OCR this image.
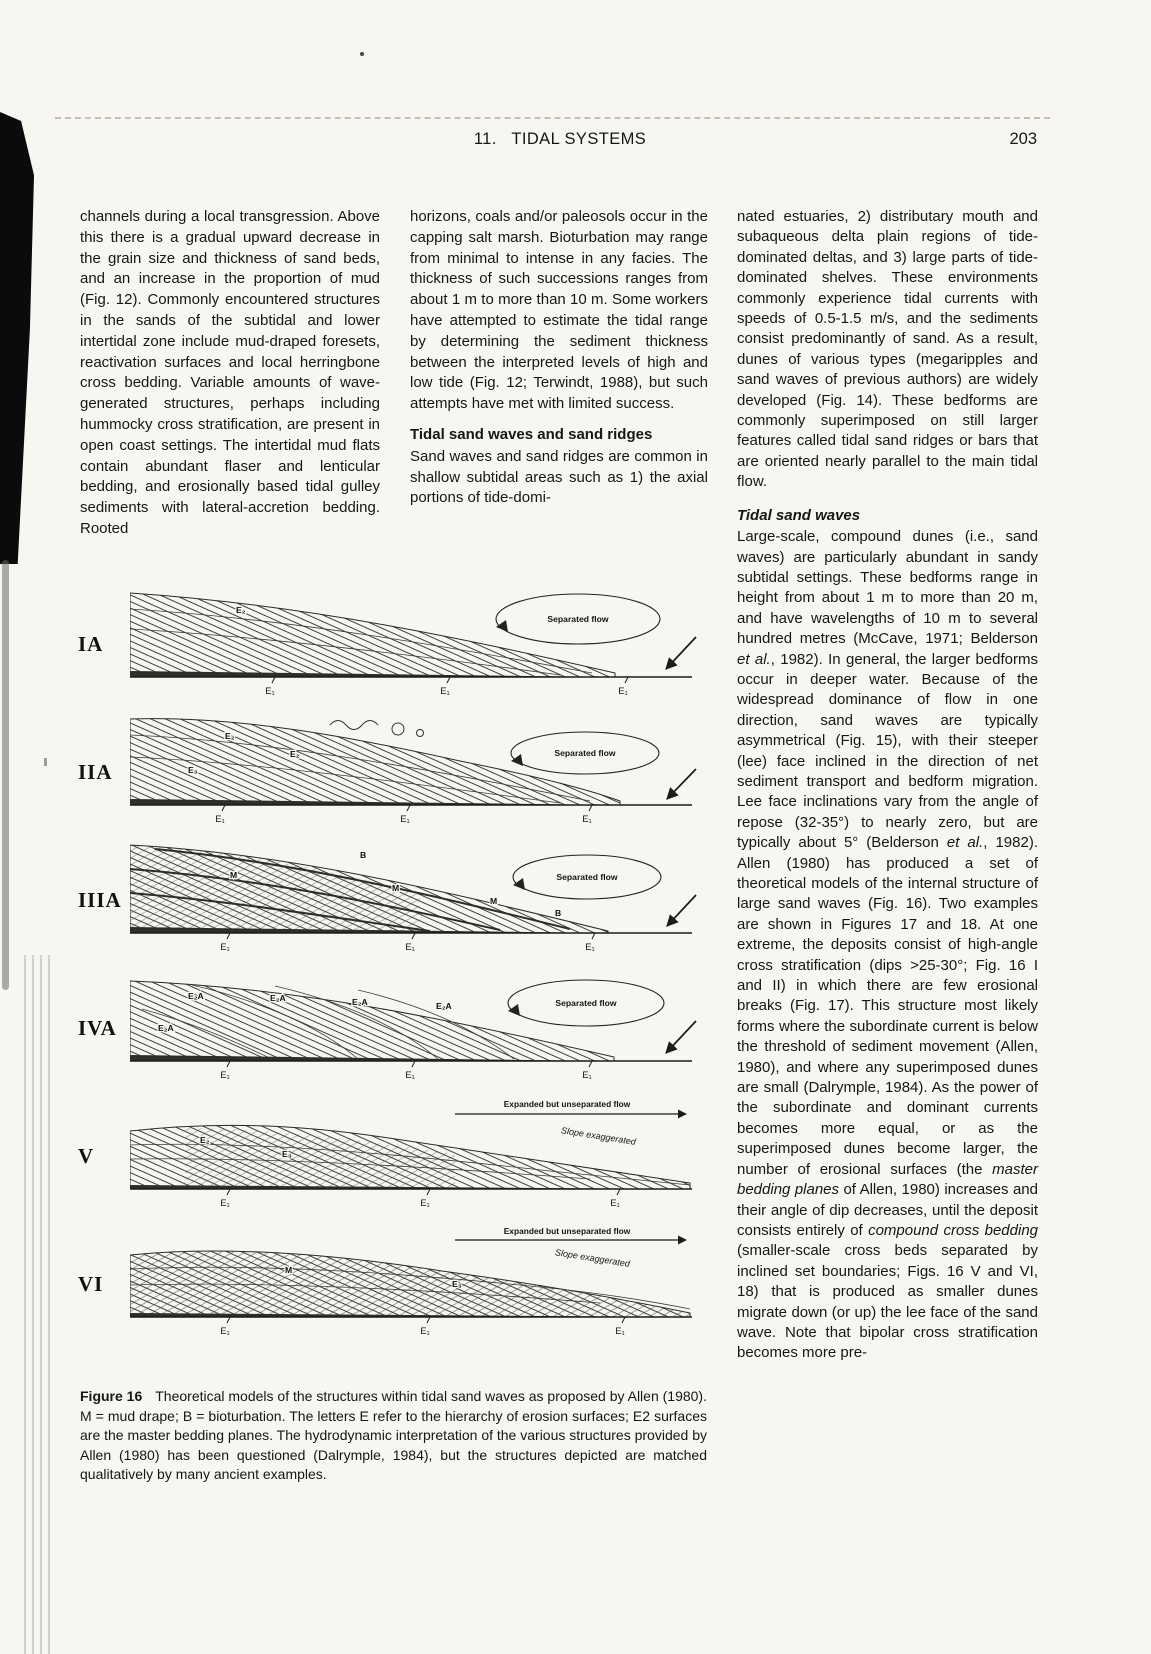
11.   TIDAL SYSTEMS	203

channels during a local transgression. Above this there is a gradual upward decrease in the grain size and thickness of sand beds, and an increase in the proportion of mud (Fig. 12). Commonly encountered structures in the sands of the subtidal and lower intertidal zone include mud-draped foresets, reactivation surfaces and local herringbone cross bedding. Variable amounts of wave-generated structures, perhaps including hummocky cross stratification, are present in open coast settings. The intertidal mud flats contain abundant flaser and lenticular bedding, and erosionally based tidal gulley sediments with lateral-accretion bedding. Rooted

horizons, coals and/or paleosols occur in the capping salt marsh. Bioturbation may range from minimal to intense in any facies. The thickness of such successions ranges from about 1 m to more than 10 m. Some workers have attempted to estimate the tidal range by determining the sediment thickness between the interpreted levels of high and low tide (Fig. 12; Terwindt, 1988), but such attempts have met with limited success.

Tidal sand waves and sand ridges

Sand waves and sand ridges are common in shallow subtidal areas such as 1) the axial portions of tide-domi-

nated estuaries, 2) distributary mouth and subaqueous delta plain regions of tide-dominated deltas, and 3) large parts of tide-dominated shelves. These environments commonly experience tidal currents with speeds of 0.5-1.5 m/s, and the sediments consist predominantly of sand. As a result, dunes of various types (megaripples and sand waves of previous authors) are widely developed (Fig. 14). These bedforms are commonly superimposed on still larger features called tidal sand ridges or bars that are oriented nearly parallel to the main tidal flow.

Tidal sand waves

Large-scale, compound dunes (i.e., sand waves) are particularly abundant in sandy subtidal settings. These bedforms range in height from about 1 m to more than 20 m, and have wavelengths of 10 m to several hundred metres (McCave, 1971; Belderson et al., 1982). In general, the larger bedforms occur in deeper water. Because of the widespread dominance of flow in one direction, sand waves are typically asymmetrical (Fig. 15), with their steeper (lee) face inclined in the direction of net sediment transport and bedform migration. Lee face inclinations vary from the angle of repose (32-35°) to nearly zero, but are typically about 5° (Belderson et al., 1982). Allen (1980) has produced a set of theoretical models of the internal structure of large sand waves (Fig. 16). Two examples are shown in Figures 17 and 18. At one extreme, the deposits consist of high-angle cross stratification (dips >25-30°; Fig. 16 I and II) in which there are few erosional breaks (Fig. 17). This structure most likely forms where the subordinate current is below the threshold of sediment movement (Allen, 1980), and where any superimposed dunes are small (Dalrymple, 1984). As the power of the subordinate and dominant currents becomes more equal, or as the superimposed dunes become larger, the number of erosional surfaces (the master bedding planes of Allen, 1980) increases and their angle of dip decreases, until the deposit consists entirely of compound cross bedding (smaller-scale cross beds separated by inclined set boundaries; Figs. 16 V and VI, 18) that is produced as smaller dunes migrate down (or up) the lee face of the sand wave. Note that bipolar cross stratification becomes more pre-

IA
E₁	E₁	E₁
Separated flow
E₂
IIA
E₁	E₁	E₁
Separated flow
E₂
E₂
E₃
IIIA
E₁	E₁	E₁
Separated flow
B
M
M
M
B
IVA
E₁	E₁	E₁
Separated flow
E₂A	E₂A	E₂A	E₂A
E₂A
V
E₁	E₁	E₁
Expanded but unseparated flow
Slope exaggerated
E₂
E₃
VI
E₁	E₁	E₁
Expanded but unseparated flow
Slope exaggerated
M
E₃

Figure 16 Theoretical models of the structures within tidal sand waves as proposed by Allen (1980). M = mud drape; B = bioturbation. The letters E refer to the hierarchy of erosion surfaces; E2 surfaces are the master bedding planes. The hydrodynamic interpretation of the various structures provided by Allen (1980) has been questioned (Dalrymple, 1984), but the structures depicted are matched qualitatively by many ancient examples.
